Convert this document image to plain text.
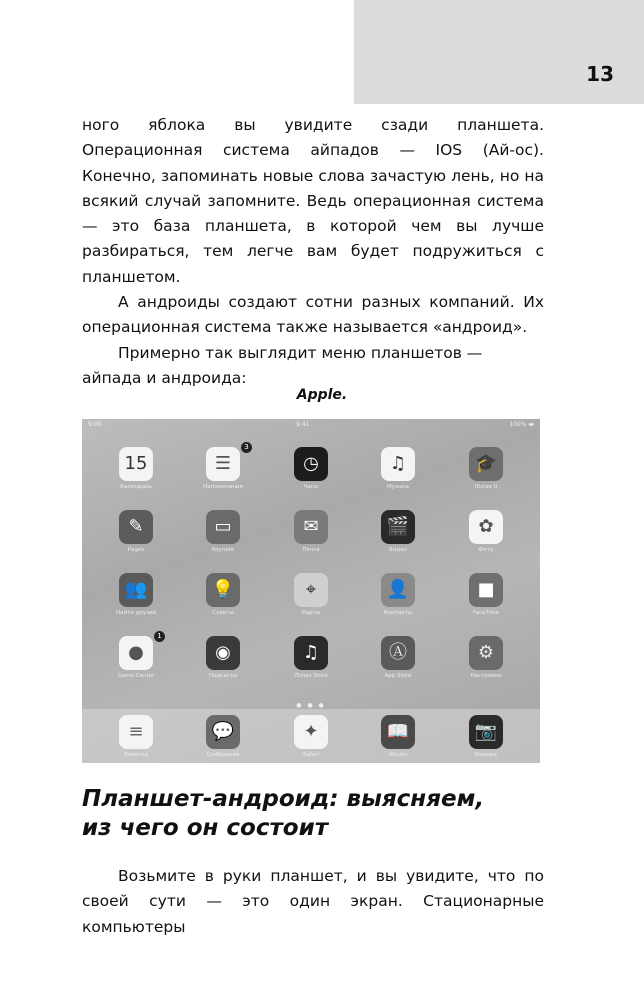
13

ного яблока вы увидите сзади планшета. Операционная система айпадов — IOS (Ай-ос). Конечно, запоминать новые слова зачастую лень, но на всякий случай запомните. Ведь операционная система — это база планшета, в которой чем вы лучше разбираться, тем легче вам будет подружиться с планшетом.

А андроиды создают сотни разных компаний. Их операционная система также называется «андроид».

Примерно так выглядит меню планшетов — айпада и андроида:

Apple.
9:00	9:41	100% ▬
15
Календарь
☰
3
Напоминания
◷
Часы
♫
Музыка
🎓
iTunes U
✎
Pages
▭
Keynote
✉
Почта
🎬
Видео
✿
Фото
👥
Найти друзей
💡
Советы
⌖
Карты
👤
Контакты
■
FaceTime
●
1
Game Center
◉
Подкасты
♫
iTunes Store
Ⓐ
App Store
⚙
Настройки
● ● ●
≡
Заметки
💬
Сообщения
✦
Safari
📖
iBooks
📷
Камера
Планшет-андроид: выясняем,
из чего он состоит

Возьмите в руки планшет, и вы увидите, что по своей сути — это один экран. Стационарные компьютеры
